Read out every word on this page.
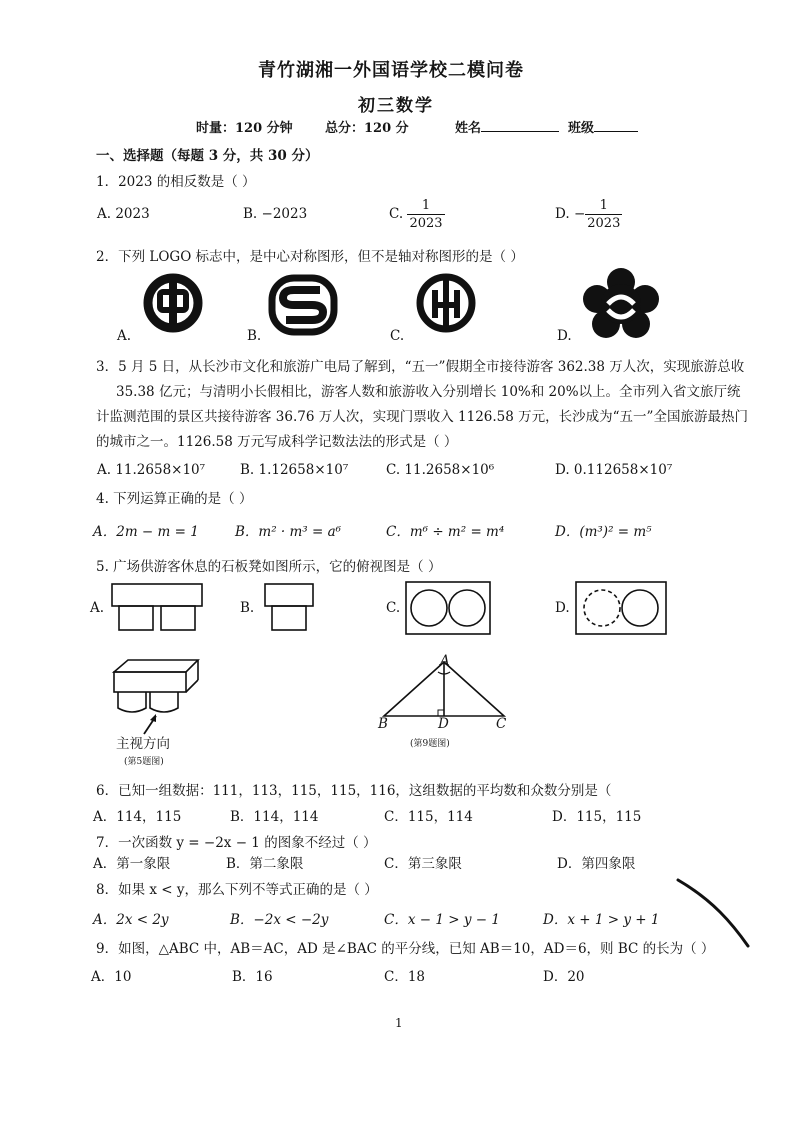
青竹湖湘一外国语学校二模问卷
初三数学
时量：120 分钟 总分：120 分	姓名	班级
一、选择题（每题 3 分，共 30 分）
1．2023 的相反数是（ ）
A. 2023	B. −2023	C. $\frac{1}{2023}$	D. − $\frac{1}{2023}$
2．下列 LOGO 标志中，是中心对称图形，但不是轴对称图形的是（ ）
A.	B.	C.	D.
3．5 月 5 日，从长沙市文化和旅游广电局了解到，“五一”假期全市接待游客 362.38 万人次，实现旅游总收
35.38 亿元；与清明小长假相比，游客人数和旅游收入分别增长 10%和 20%以上。全市列入省文旅厅统
计监测范围的景区共接待游客 36.76 万人次，实现门票收入 1126.58 万元，长沙成为“五一”全国旅游最热门
的城市之一。1126.58 万元写成科学记数法法的形式是（ ）
A. 11.2658×10⁷	B. 1.12658×10⁷	C. 11.2658×10⁶	D. 0.112658×10⁷
4. 下列运算正确的是（ ）
A．2m − m = 1	B．m² · m³ = a⁶	C．m⁶ ÷ m² = m⁴	D．(m³)² = m⁵
5. 广场供游客休息的石板凳如图所示，它的俯视图是（ ）
A.	B.	C.	D.
主视方向
(第5题图)
A
B	D	C
(第9题图)
6．已知一组数据：111，113，115，115，116，这组数据的平均数和众数分别是（
A．114，115	B．114，114	C．115，114	D．115，115
7．一次函数 y = −2x − 1 的图象不经过（ ）
A．第一象限	B．第二象限	C．第三象限	D．第四象限
8．如果 x < y，那么下列不等式正确的是（ ）
A．2x < 2y	B．−2x < −2y	C．x − 1 > y − 1	D．x + 1 > y + 1
9．如图，△ABC 中，AB＝AC，AD 是∠BAC 的平分线，已知 AB＝10，AD＝6，则 BC 的长为（ ）
A．10	B．16	C．18	D．20
1
